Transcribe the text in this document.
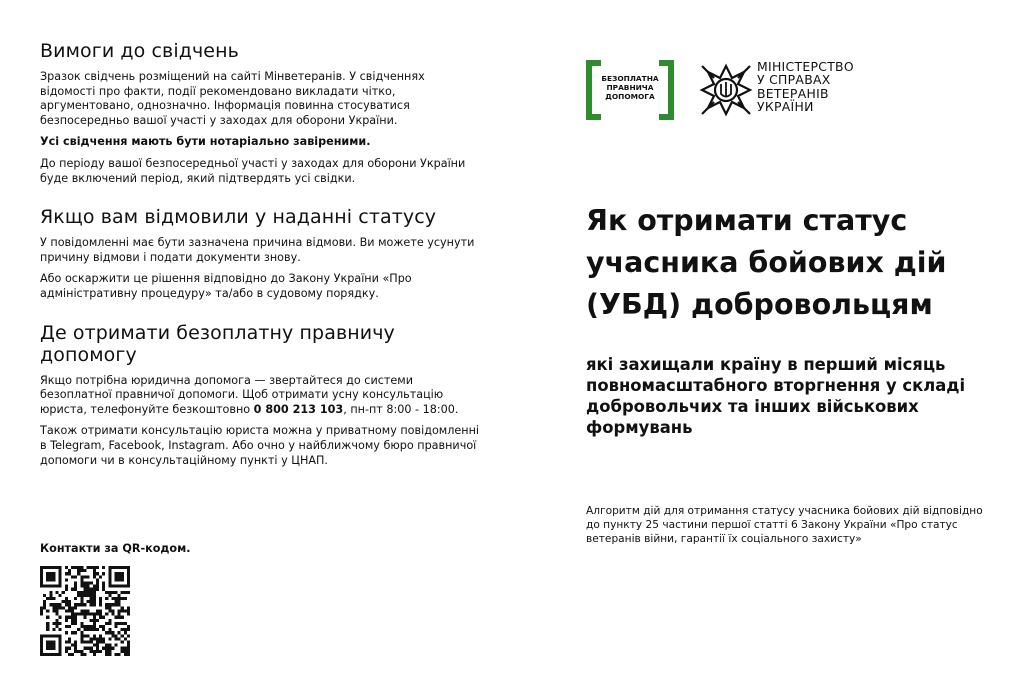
Вимоги до свідчень
Зразок свідчень розміщений на сайті Мінветеранів. У свідченнях відомості про факти, події рекомендовано викладати чітко, аргументовано, однозначно. Інформація повинна стосуватися безпосередньо вашої участі у заходах для оборони України.
Усі свідчення мають бути нотаріально завіреними.
До періоду вашої безпосередньої участі у заходах для оборони України буде включений період, який підтвердять усі свідки.
Якщо вам відмовили у наданні статусу
У повідомленні має бути зазначена причина відмови. Ви можете усунути причину відмови і подати документи знову.
Або оскаржити це рішення відповідно до Закону України «Про адміністративну процедуру» та/або в судовому порядку.
Де отримати безоплатну правничу допомогу
Якщо потрібна юридична допомога — звертайтеся до системи безоплатної правничої допомоги. Щоб отримати усну консультацію юриста, телефонуйте безкоштовно 0 800 213 103, пн-пт 8:00 - 18:00.
Також отримати консультацію юриста можна у приватному повідомленні в Telegram, Facebook, Instagram. Або очно у найближчому бюро правничої допомоги чи в консультаційному пункті у ЦНАП.
Контакти за QR-кодом.
БЕЗОПЛАТНА ПРАВНИЧА ДОПОМОГА
МІНІСТЕРСТВО
У СПРАВАХ
ВЕТЕРАНІВ
УКРАЇНИ
Як отримати статус учасника бойових дій (УБД) добровольцям
які захищали країну в перший місяць повномасштабного вторгнення у складі добровольчих та інших військових формувань
Алгоритм дій для отримання статусу учасника бойових дій відповідно до пункту 25 частини першої статті 6 Закону України «Про статус ветеранів війни, гарантії їх соціального захисту»
